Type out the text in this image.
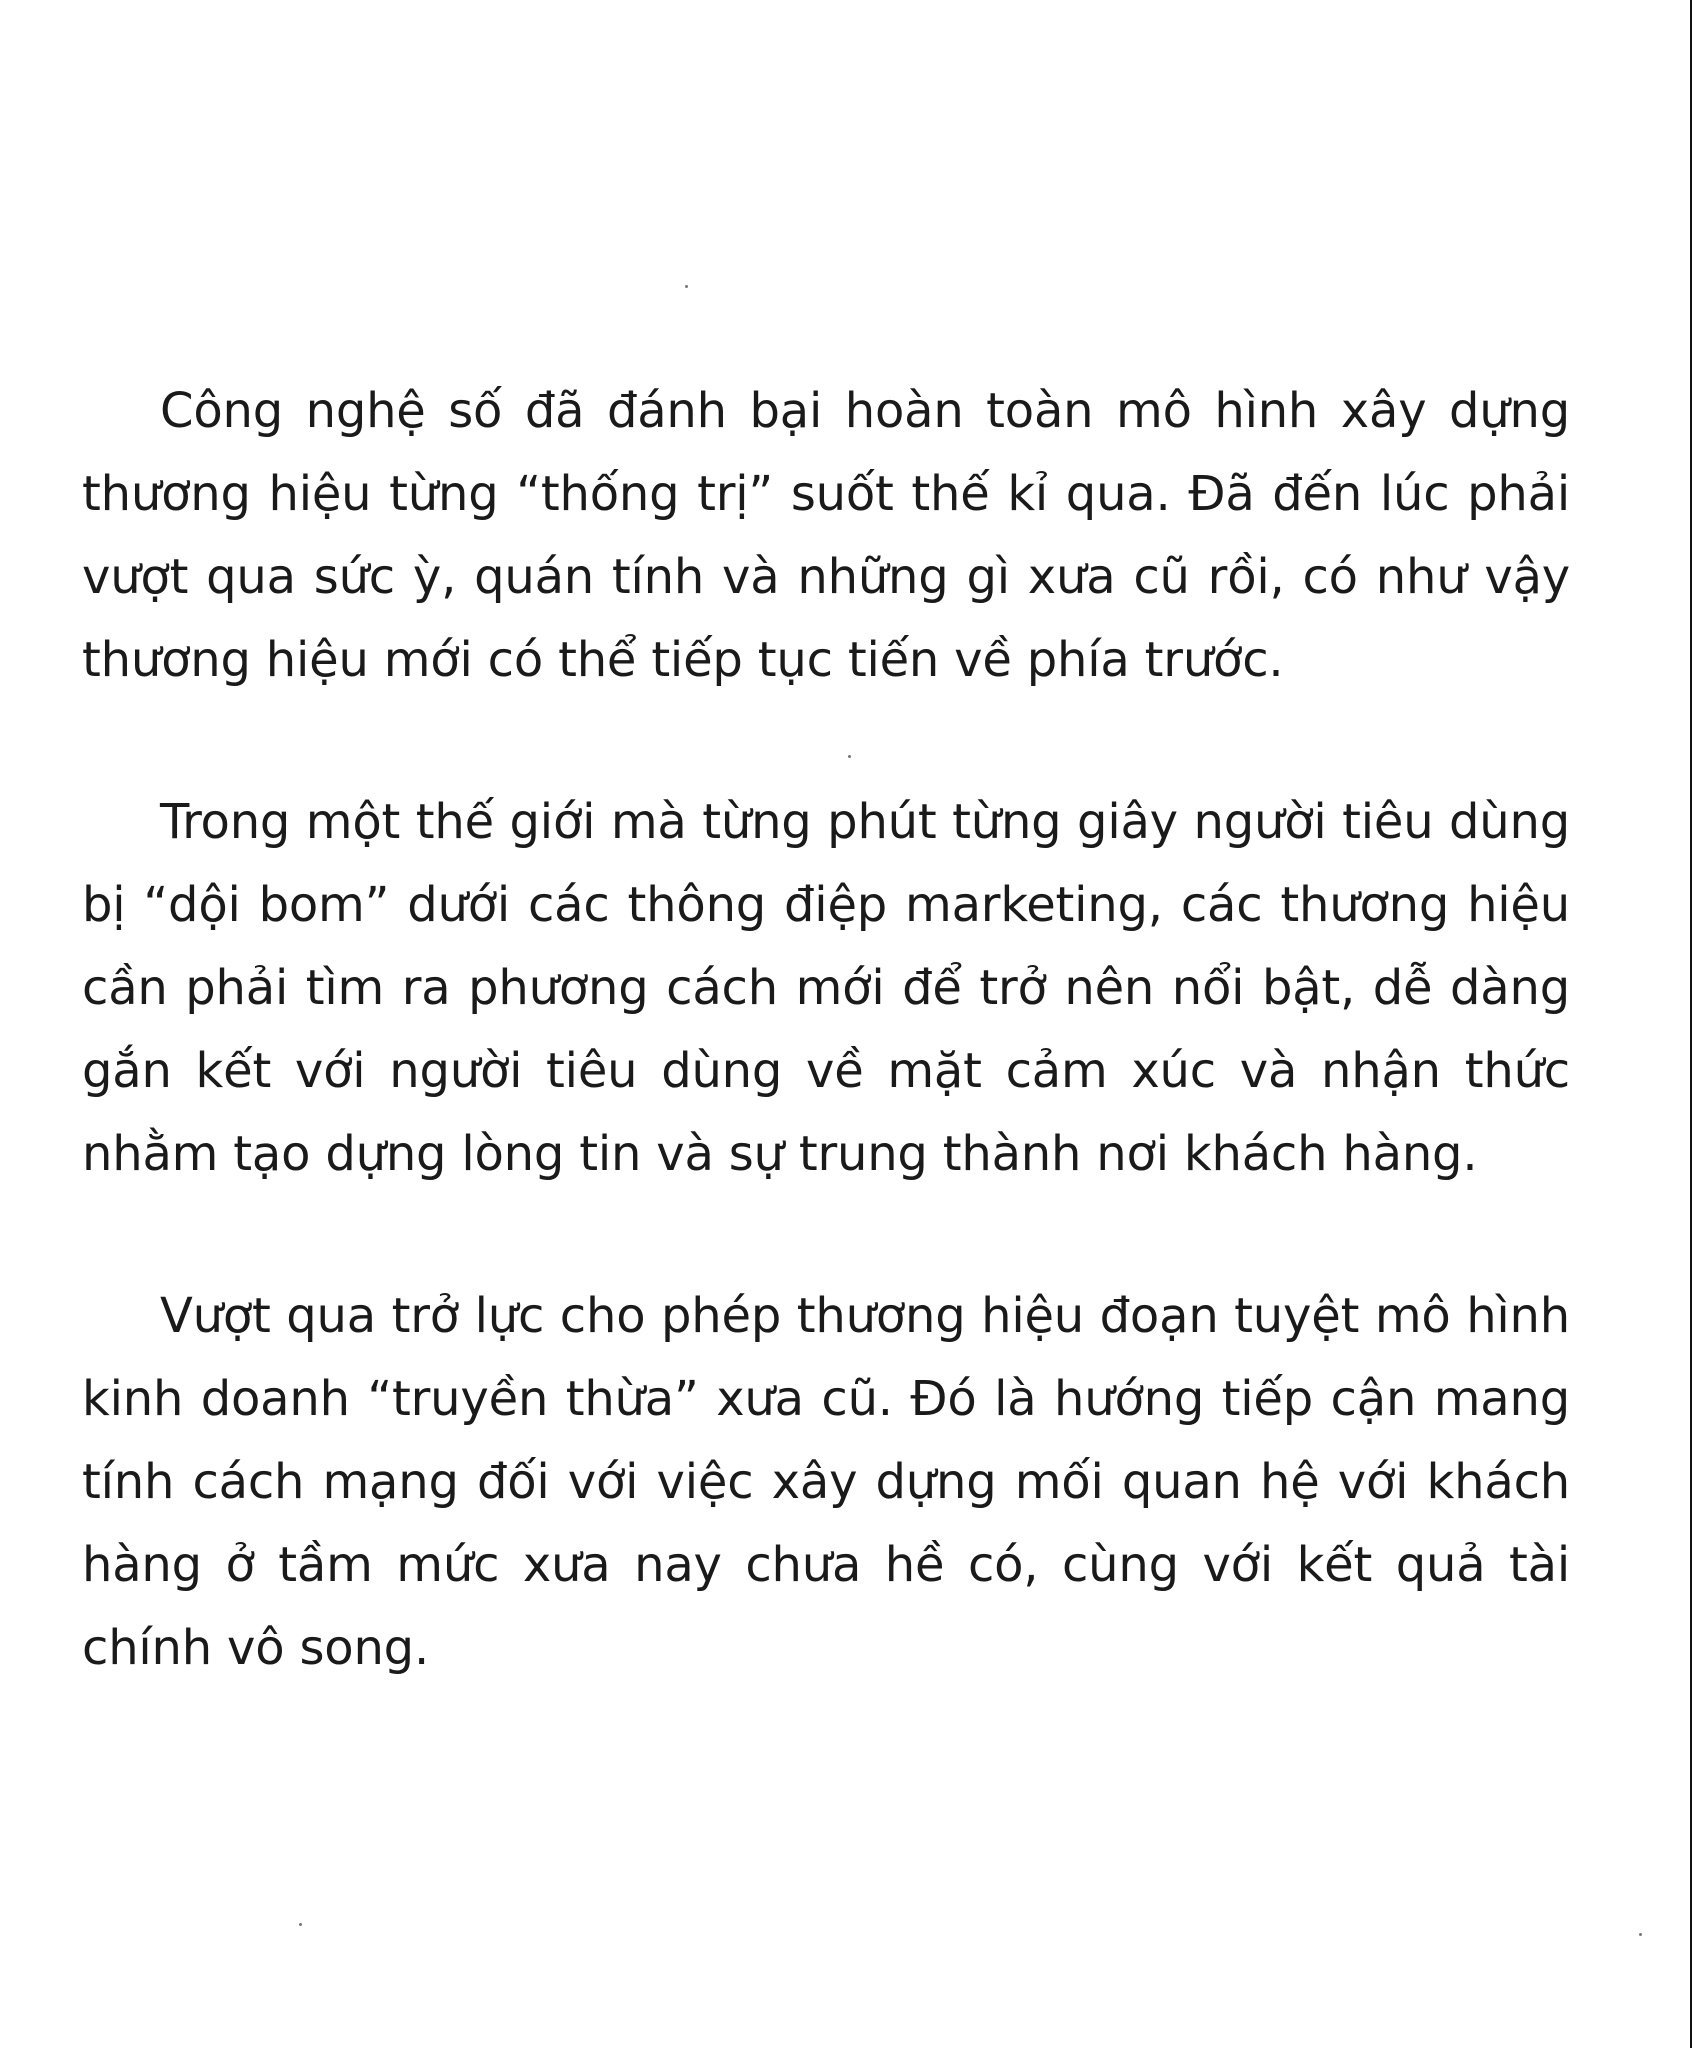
Công nghệ số đã đánh bại hoàn toàn mô hình xây dựng thương hiệu từng “thống trị” suốt thế kỉ qua. Đã đến lúc phải vượt qua sức ỳ, quán tính và những gì xưa cũ rồi, có như vậy thương hiệu mới có thể tiếp tục tiến về phía trước.

Trong một thế giới mà từng phút từng giây người tiêu dùng bị “dội bom” dưới các thông điệp marketing, các thương hiệu cần phải tìm ra phương cách mới để trở nên nổi bật, dễ dàng gắn kết với người tiêu dùng về mặt cảm xúc và nhận thức nhằm tạo dựng lòng tin và sự trung thành nơi khách hàng.

Vượt qua trở lực cho phép thương hiệu đoạn tuyệt mô hình kinh doanh “truyền thừa” xưa cũ. Đó là hướng tiếp cận mang tính cách mạng đối với việc xây dựng mối quan hệ với khách hàng ở tầm mức xưa nay chưa hề có, cùng với kết quả tài chính vô song.
